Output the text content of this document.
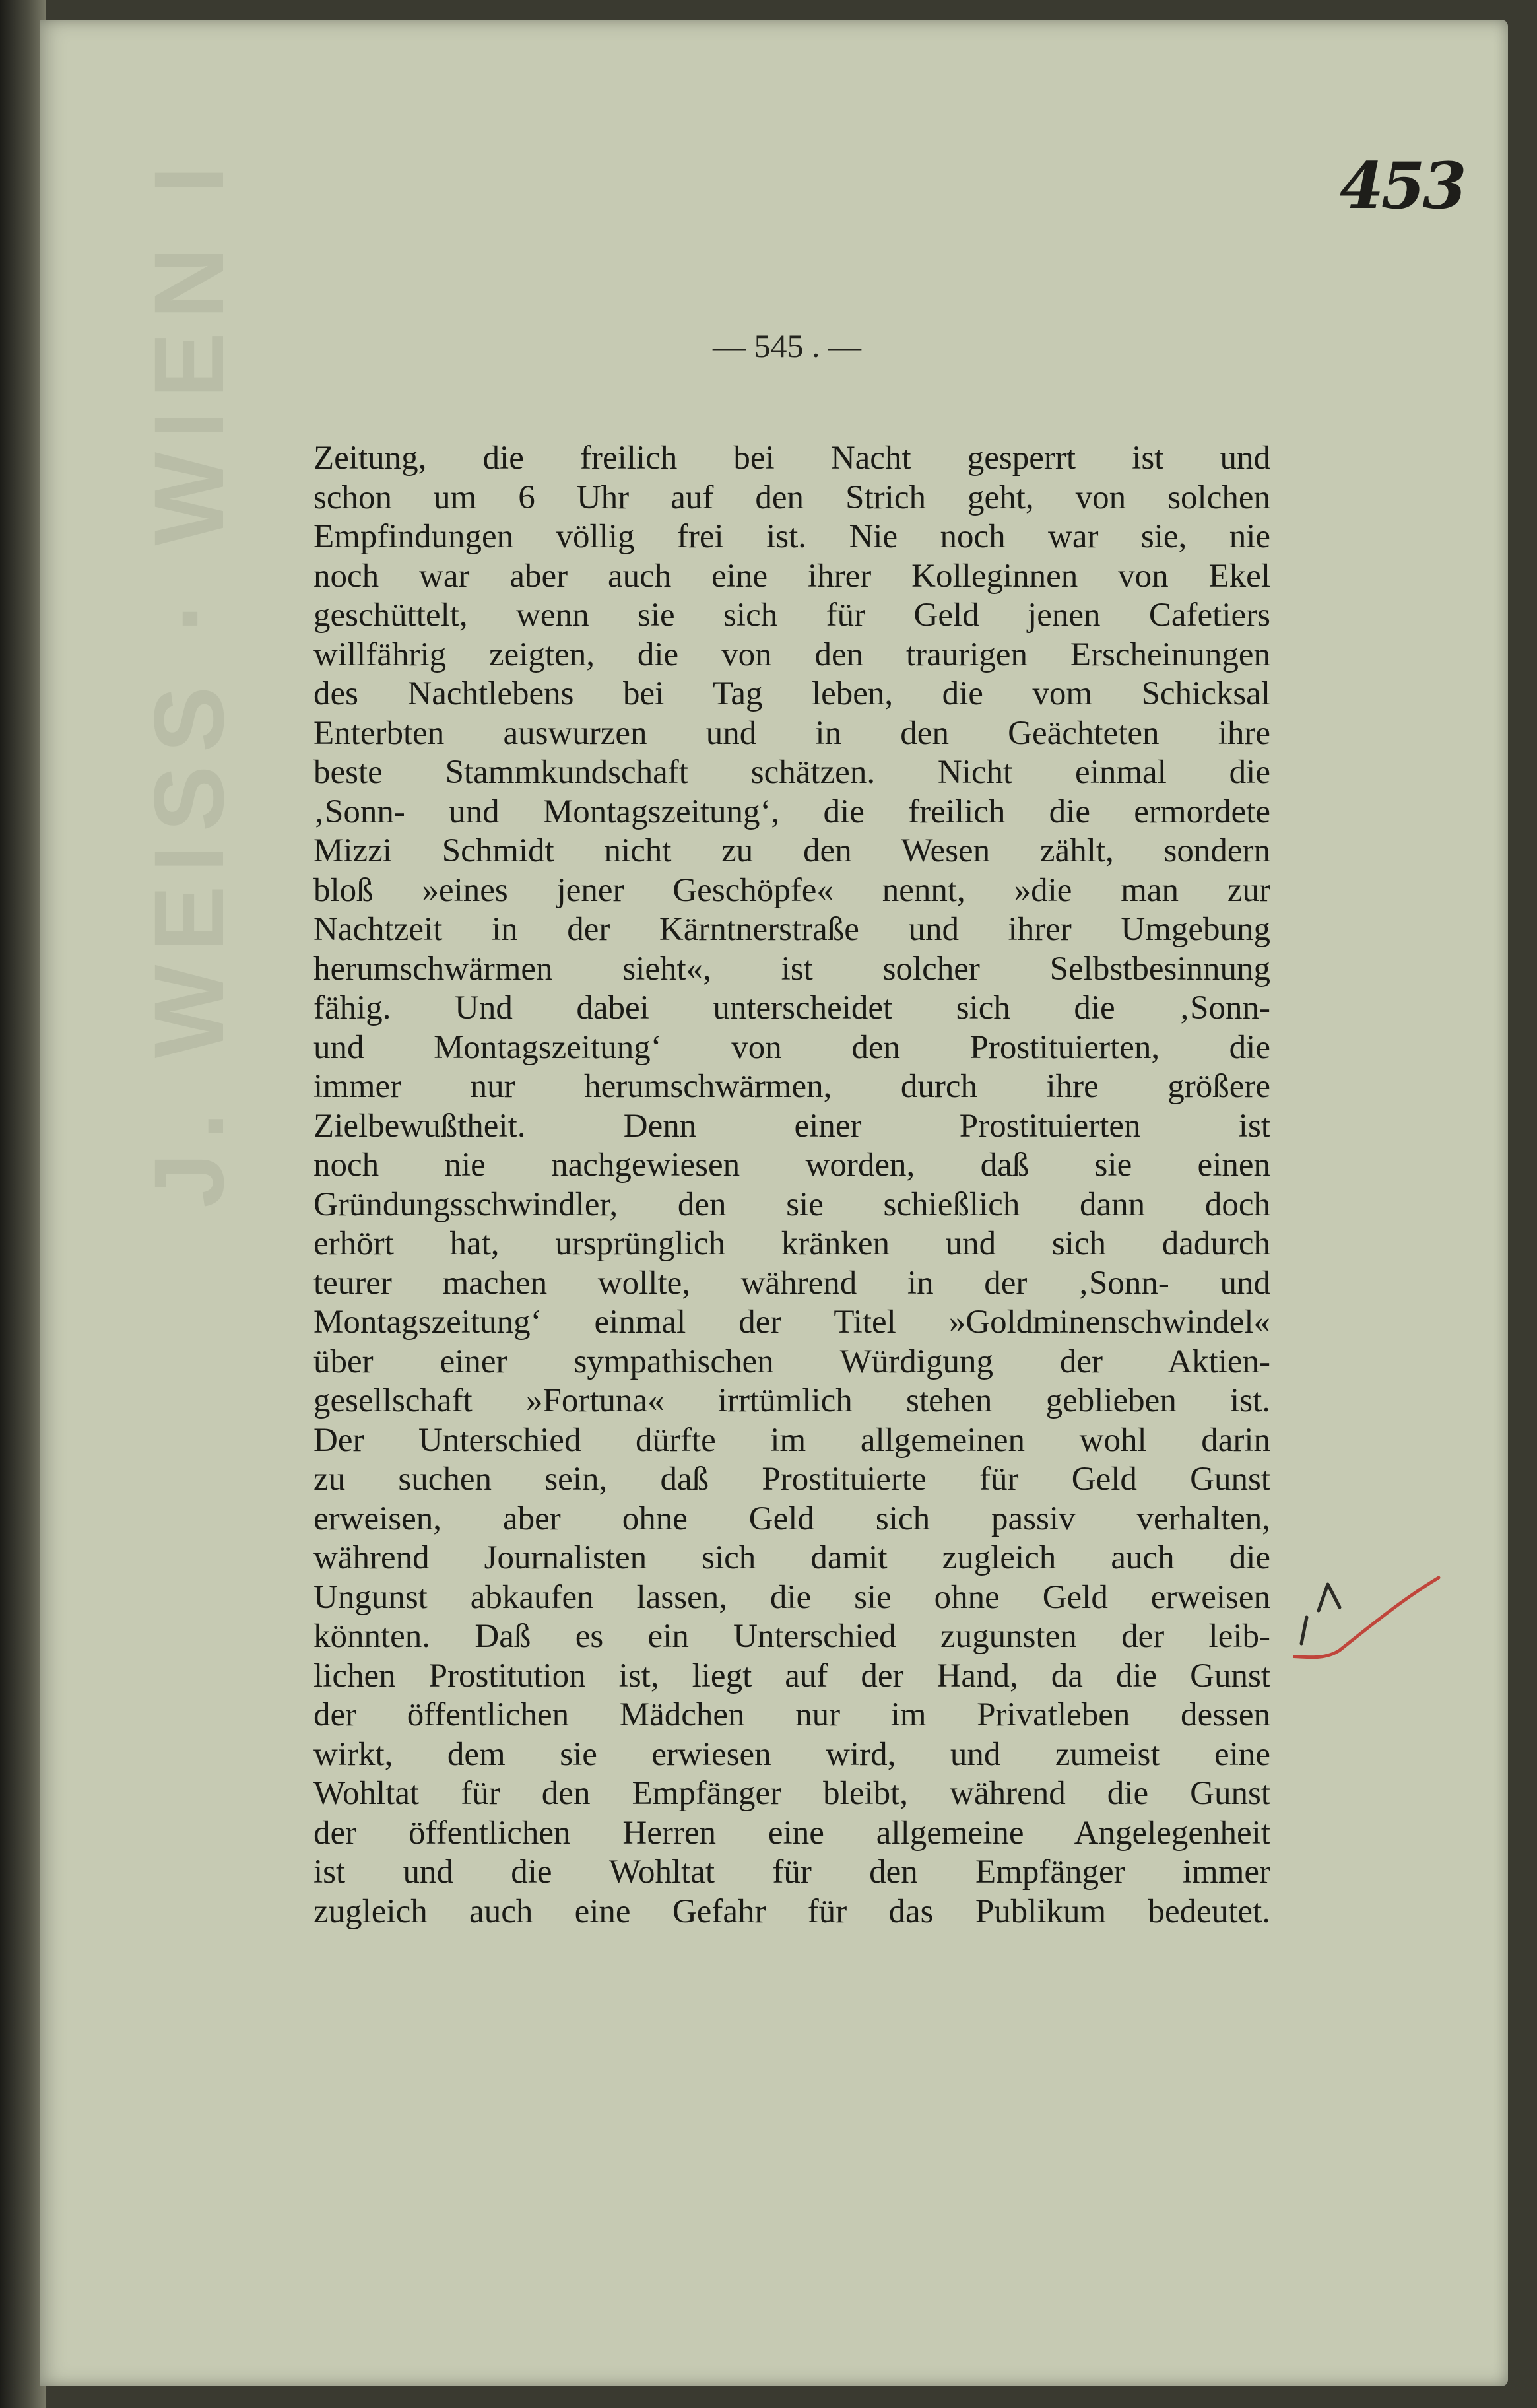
J. WEISS · WIEN I	453
— 545 . —
Zeitung, die freilich bei Nacht gesperrt ist und
schon um 6 Uhr auf den Strich geht, von solchen
Empfindungen völlig frei ist. Nie noch war sie, nie
noch war aber auch eine ihrer Kolleginnen von Ekel
geschüttelt, wenn sie sich für Geld jenen Cafetiers
willfährig zeigten, die von den traurigen Erscheinungen
des Nachtlebens bei Tag leben, die vom Schicksal
Enterbten auswurzen und in den Geächteten ihre
beste Stammkundschaft schätzen. Nicht einmal die
‚Sonn- und Montagszeitung‘, die freilich die ermordete
Mizzi Schmidt nicht zu den Wesen zählt, sondern
bloß »eines jener Geschöpfe« nennt, »die man zur
Nachtzeit in der Kärntnerstraße und ihrer Umgebung
herumschwärmen sieht«, ist solcher Selbstbesinnung
fähig. Und dabei unterscheidet sich die ‚Sonn-
und Montagszeitung‘ von den Prostituierten, die
immer nur herumschwärmen, durch ihre größere
Zielbewußtheit. Denn einer Prostituierten ist
noch nie nachgewiesen worden, daß sie einen
Gründungsschwindler, den sie schießlich dann doch
erhört hat, ursprünglich kränken und sich dadurch
teurer machen wollte, während in der ‚Sonn- und
Montagszeitung‘ einmal der Titel »Goldminenschwindel«
über einer sympathischen Würdigung der Aktien-
gesellschaft »Fortuna« irrtümlich stehen geblieben ist.
Der Unterschied dürfte im allgemeinen wohl darin
zu suchen sein, daß Prostituierte für Geld Gunst
erweisen, aber ohne Geld sich passiv verhalten,
während Journalisten sich damit zugleich auch die
Ungunst abkaufen lassen, die sie ohne Geld erweisen
könnten. Daß es ein Unterschied zugunsten der leib-
lichen Prostitution ist, liegt auf der Hand, da die Gunst
der öffentlichen Mädchen nur im Privatleben dessen
wirkt, dem sie erwiesen wird, und zumeist eine
Wohltat für den Empfänger bleibt, während die Gunst
der öffentlichen Herren eine allgemeine Angelegenheit
ist und die Wohltat für den Empfänger immer
zugleich auch eine Gefahr für das Publikum bedeutet.
